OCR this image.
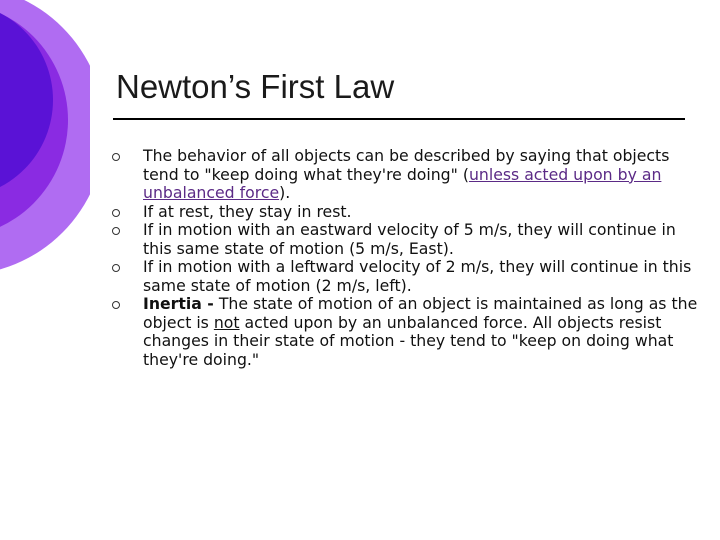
Newton’s First Law
The behavior of all objects can be described by saying that objects tend to "keep doing what they're doing" (unless acted upon by an unbalanced force).
If at rest, they stay in rest.
If in motion with an eastward velocity of 5 m/s, they will continue in this same state of motion (5 m/s, East).
If in motion with a leftward velocity of 2 m/s, they will continue in this same state of motion (2 m/s, left).
Inertia - The state of motion of an object is maintained as long as the object is not acted upon by an unbalanced force. All objects resist changes in their state of motion - they tend to "keep on doing what they're doing."
